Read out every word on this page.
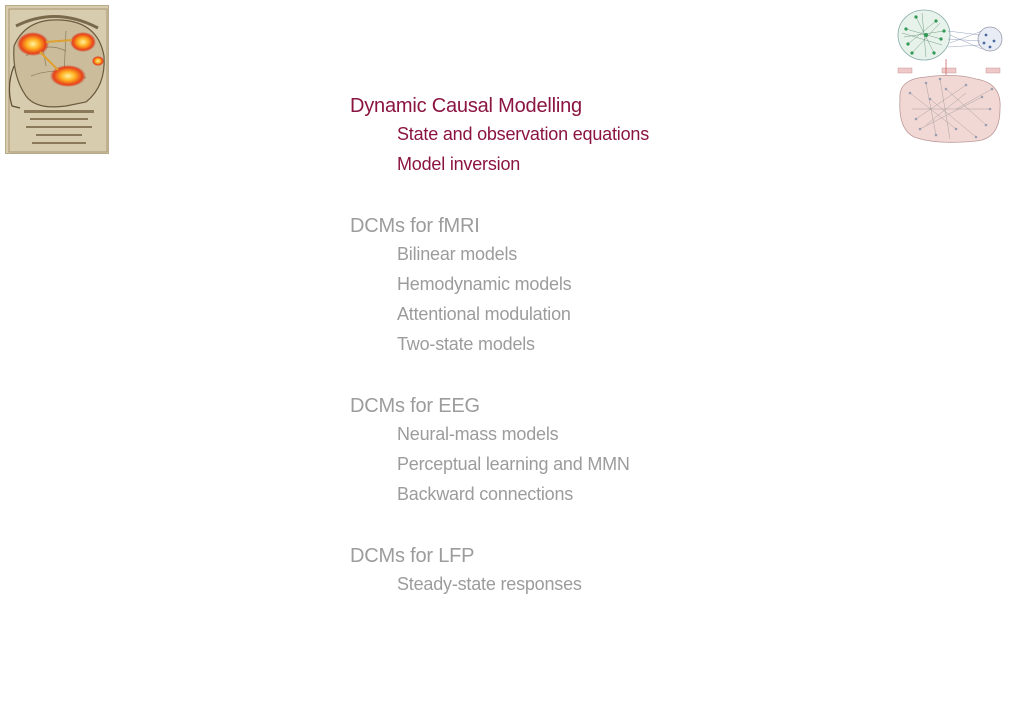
Dynamic Causal Modelling
State and observation equations
Model inversion
DCMs for fMRI
Bilinear models
Hemodynamic models
Attentional modulation
Two-state models
DCMs for EEG
Neural-mass models
Perceptual learning and MMN
Backward connections
DCMs for LFP
Steady-state responses
